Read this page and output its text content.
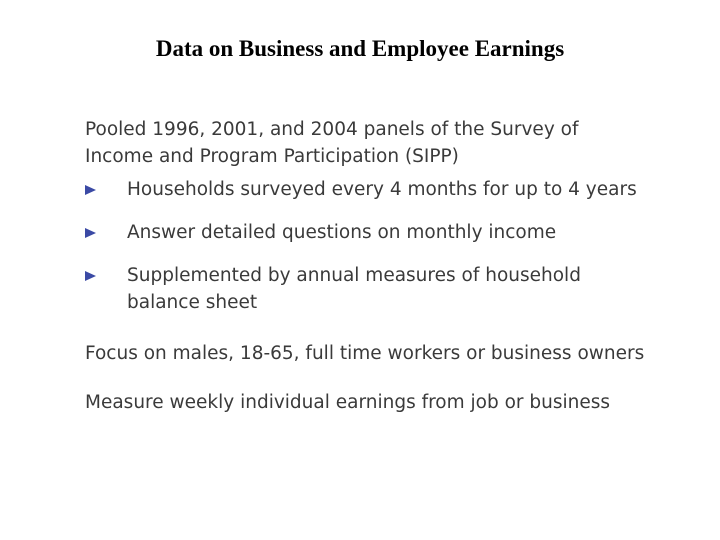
Data on Business and Employee Earnings

Pooled 1996, 2001, and 2004 panels of the Survey of Income and Program Participation (SIPP)

Households surveyed every 4 months for up to 4 years
Answer detailed questions on monthly income
Supplemented by annual measures of household balance sheet

Focus on males, 18-65, full time workers or business owners

Measure weekly individual earnings from job or business
